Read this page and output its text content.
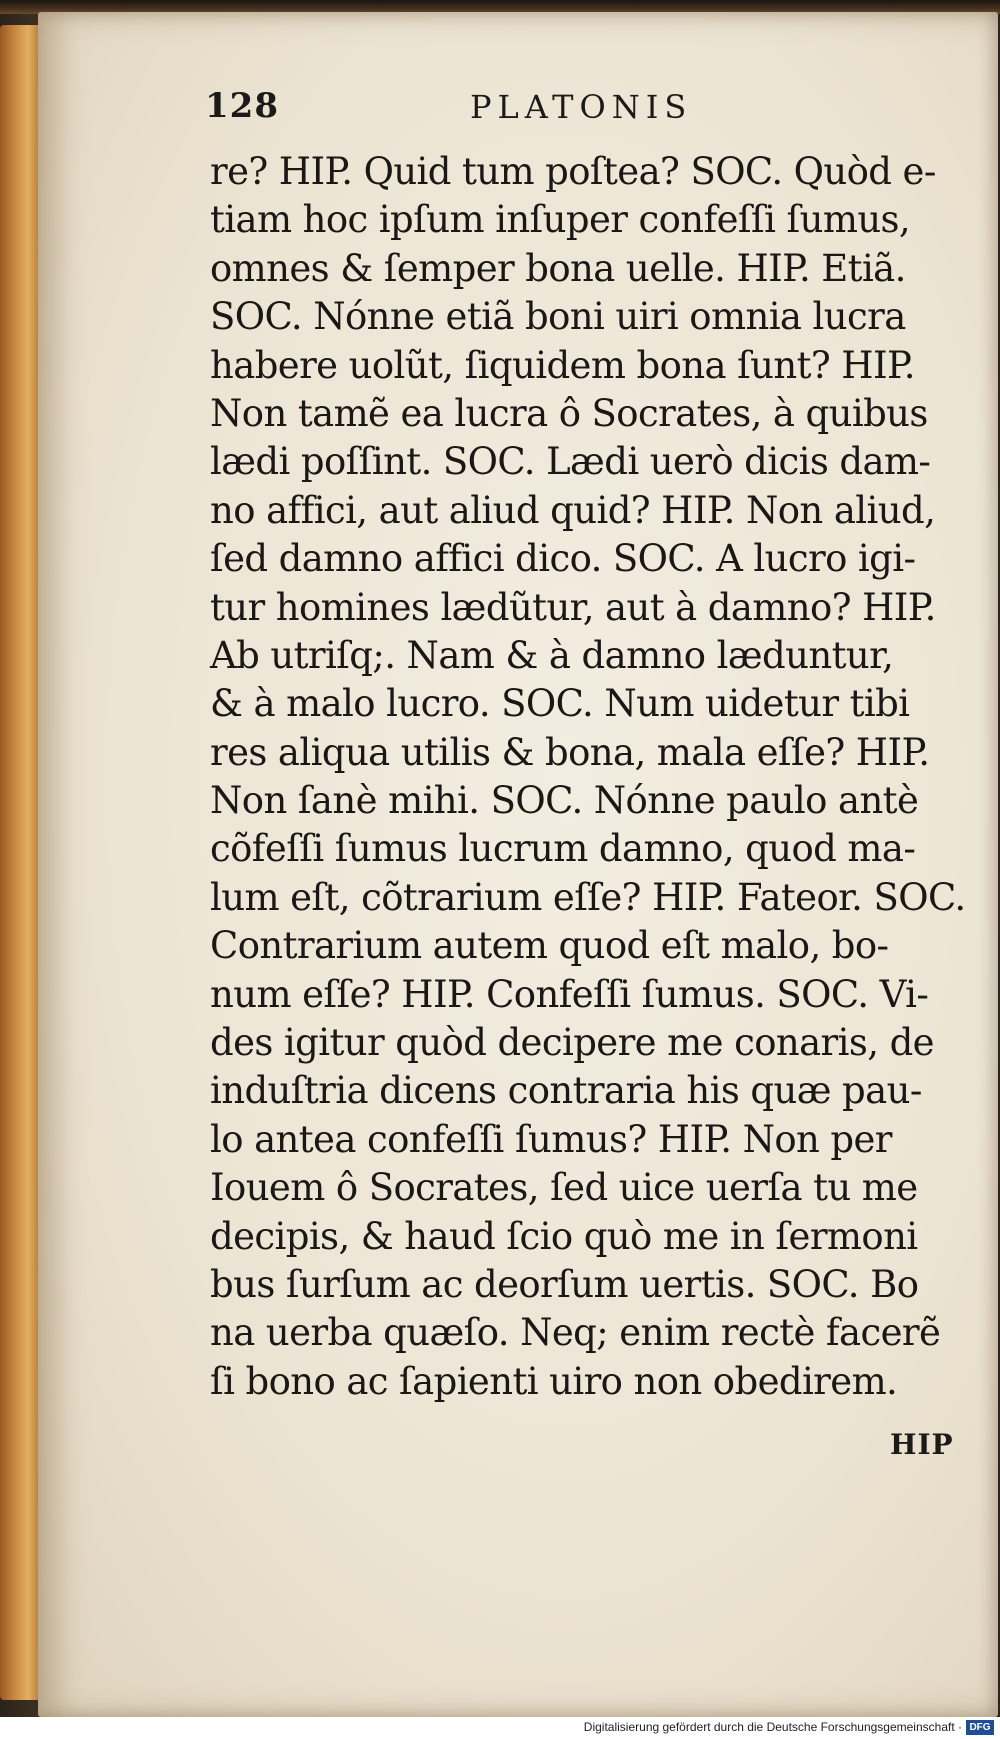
128	PLATONIS
re? HIP. Quid tum poſtea? SOC. Quòd e-
tiam hoc ipſum inſuper confeſſi ſumus,
omnes & ſemper bona uelle. HIP. Etiã.
SOC. Nónne etiã boni uiri omnia lucra
habere uolũt, ſiquidem bona ſunt? HIP.
Non tamẽ ea lucra ô Socrates, à quibus
lædi poſſint. SOC. Lædi uerò dicis dam-
no affici, aut aliud quid? HIP. Non aliud,
ſed damno affici dico. SOC. A lucro igi-
tur homines lædũtur, aut à damno? HIP.
Ab utriſq;. Nam & à damno læduntur,
& à malo lucro. SOC. Num uidetur tibi
res aliqua utilis & bona, mala eſſe? HIP.
Non ſanè mihi. SOC. Nónne paulo antè
cõfeſſi ſumus lucrum damno, quod ma-
lum eſt, cõtrarium eſſe? HIP. Fateor. SOC.
Contrarium autem quod eſt malo, bo-
num eſſe? HIP. Confeſſi ſumus. SOC. Vi-
des igitur quòd decipere me conaris, de
induſtria dicens contraria his quæ pau-
lo antea confeſſi ſumus? HIP. Non per
Iouem ô Socrates, ſed uice uerſa tu me
decipis, & haud ſcio quò me in ſermoni
bus ſurſum ac deorſum uertis. SOC. Bo
na uerba quæſo. Neq; enim rectè facerẽ
ſi bono ac ſapienti uiro non obedirem.
HIP
Digitalisierung gefördert durch die Deutsche Forschungsgemeinschaft · DFG
